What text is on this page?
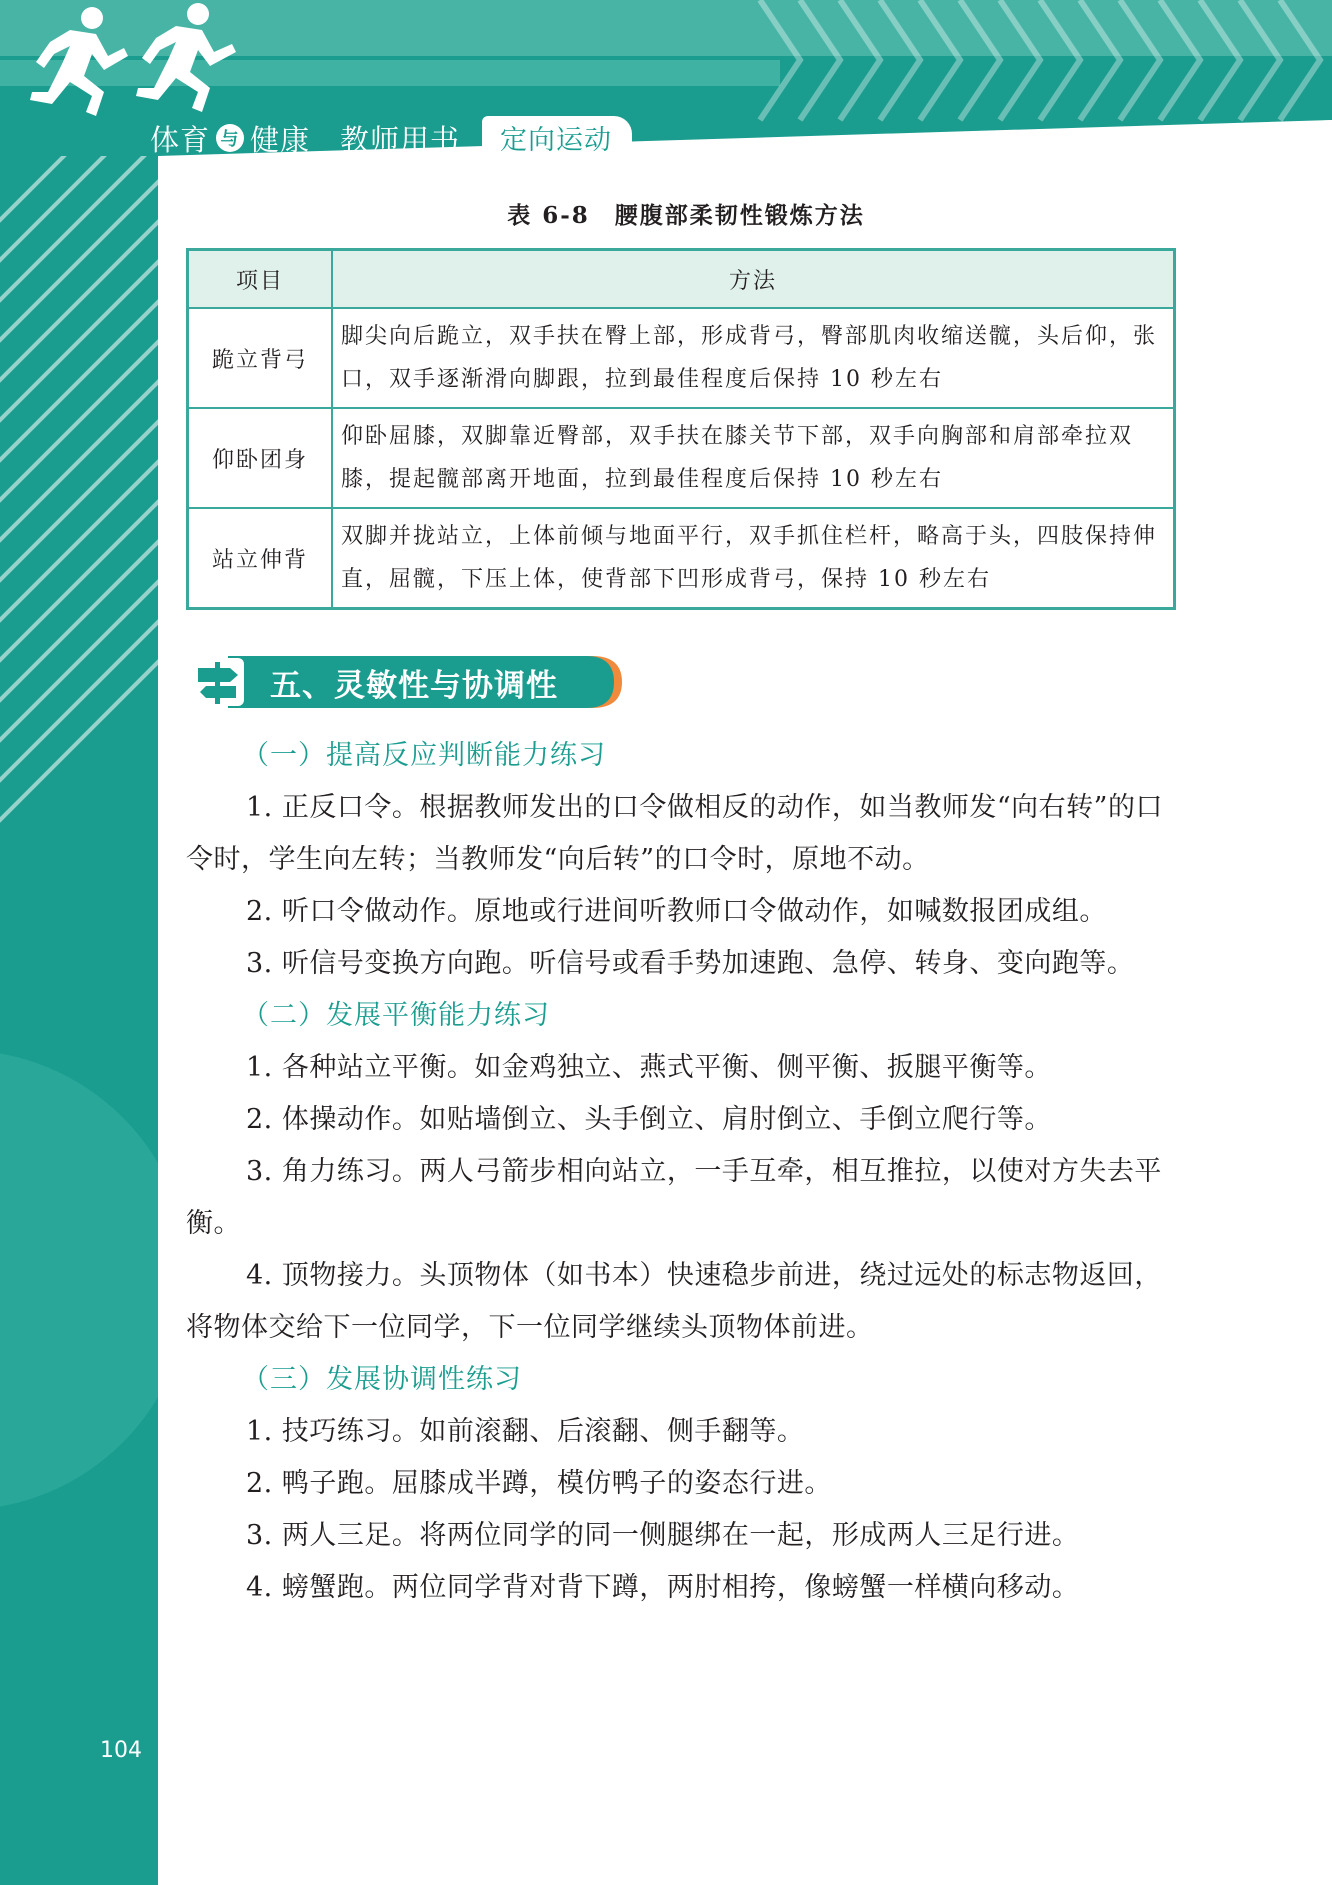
体育 与 健康 教师用书	定向运动
表 6-8　腰腹部柔韧性锻炼方法
项目	方法
跪立背弓	脚尖向后跪立，双手扶在臀上部，形成背弓，臀部肌肉收缩送髋，头后仰，张口，双手逐渐滑向脚跟，拉到最佳程度后保持 10 秒左右
仰卧团身	仰卧屈膝，双脚靠近臀部，双手扶在膝关节下部，双手向胸部和肩部牵拉双膝，提起髋部离开地面，拉到最佳程度后保持 10 秒左右
站立伸背	双脚并拢站立，上体前倾与地面平行，双手抓住栏杆，略高于头，四肢保持伸直，屈髋，下压上体，使背部下凹形成背弓，保持 10 秒左右
五、灵敏性与协调性
（一）提高反应判断能力练习

1. 正反口令。根据教师发出的口令做相反的动作，如当教师发“向右转”的口令时，学生向左转；当教师发“向后转”的口令时，原地不动。

2. 听口令做动作。原地或行进间听教师口令做动作，如喊数报团成组。

3. 听信号变换方向跑。听信号或看手势加速跑、急停、转身、变向跑等。

（二）发展平衡能力练习

1. 各种站立平衡。如金鸡独立、燕式平衡、侧平衡、扳腿平衡等。

2. 体操动作。如贴墙倒立、头手倒立、肩肘倒立、手倒立爬行等。

3. 角力练习。两人弓箭步相向站立，一手互牵，相互推拉，以使对方失去平衡。

4. 顶物接力。头顶物体（如书本）快速稳步前进，绕过远处的标志物返回，将物体交给下一位同学，下一位同学继续头顶物体前进。

（三）发展协调性练习

1. 技巧练习。如前滚翻、后滚翻、侧手翻等。

2. 鸭子跑。屈膝成半蹲，模仿鸭子的姿态行进。

3. 两人三足。将两位同学的同一侧腿绑在一起，形成两人三足行进。

4. 螃蟹跑。两位同学背对背下蹲，两肘相挎，像螃蟹一样横向移动。

104
